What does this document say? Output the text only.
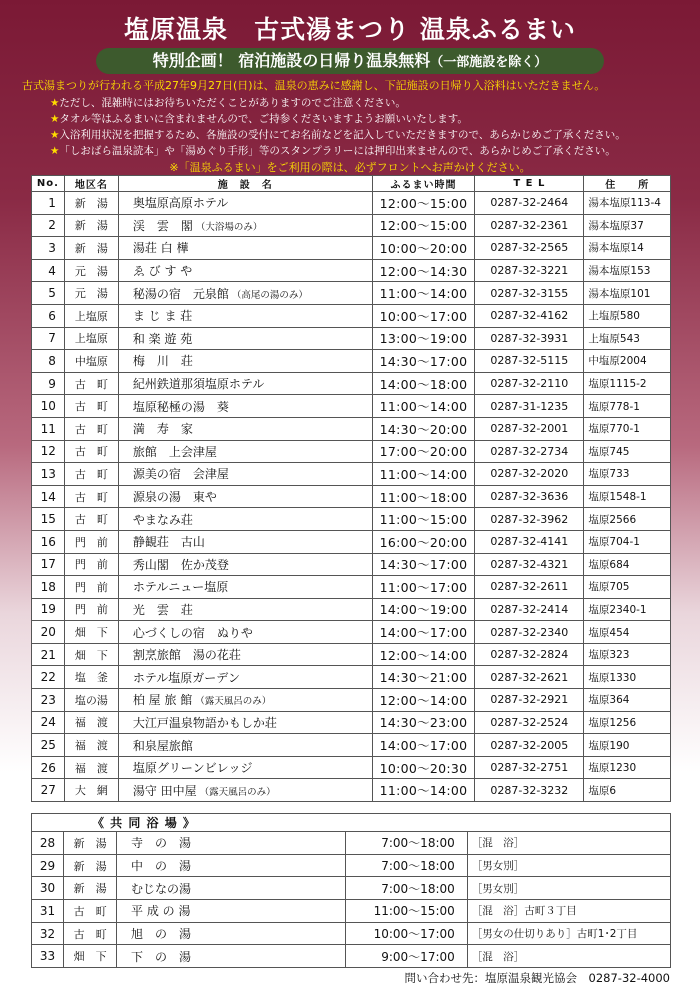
塩原温泉　古式湯まつり 温泉ふるまい
特別企画！ 宿泊施設の日帰り温泉無料（一部施設を除く）
古式湯まつりが行われる平成27年9月27日(日)は、温泉の恵みに感謝し、下記施設の日帰り入浴料はいただきません。
★ただし、混雑時にはお待ちいただくことがありますのでご注意ください。
★タオル等はふるまいに含まれませんので、ご持参くださいますようお願いいたします。
★入浴利用状況を把握するため、各施設の受付にてお名前などを記入していただきますので、あらかじめご了承ください。
★「しおばら温泉読本」や「湯めぐり手形」等のスタンプラリーには押印出来ませんので、あらかじめご了承ください。
※「温泉ふるまい」をご利用の際は、必ずフロントへお声かけください。
No.	地区名	施　設　名	ふるまい時間	T E L	住　　所
1	新　湯	奥塩原高原ホテル	12:00〜15:00	0287-32-2464	湯本塩原113-4
2	新　湯	渓　雲　閣 （大浴場のみ）	12:00〜15:00	0287-32-2361	湯本塩原37
3	新　湯	湯荘 白 樺	10:00〜20:00	0287-32-2565	湯本塩原14
4	元　湯	ゑ び す や	12:00〜14:30	0287-32-3221	湯本塩原153
5	元　湯	秘湯の宿　元泉館 （高尾の湯のみ）	11:00〜14:00	0287-32-3155	湯本塩原101
6	上塩原	ま じ ま 荘	10:00〜17:00	0287-32-4162	上塩原580
7	上塩原	和 楽 遊 苑	13:00〜19:00	0287-32-3931	上塩原543
8	中塩原	梅　川　荘	14:30〜17:00	0287-32-5115	中塩原2004
9	古　町	紀州鉄道那須塩原ホテル	14:00〜18:00	0287-32-2110	塩原1115-2
10	古　町	塩原秘極の湯　葵	11:00〜14:00	0287-31-1235	塩原778-1
11	古　町	満　寿　家	14:30〜20:00	0287-32-2001	塩原770-1
12	古　町	旅館　上会津屋	17:00〜20:00	0287-32-2734	塩原745
13	古　町	源美の宿　会津屋	11:00〜14:00	0287-32-2020	塩原733
14	古　町	源泉の湯　東や	11:00〜18:00	0287-32-3636	塩原1548-1
15	古　町	やまなみ荘	11:00〜15:00	0287-32-3962	塩原2566
16	門　前	静観荘　古山	16:00〜20:00	0287-32-4141	塩原704-1
17	門　前	秀山閣　佐か茂登	14:30〜17:00	0287-32-4321	塩原684
18	門　前	ホテルニュー塩原	11:00〜17:00	0287-32-2611	塩原705
19	門　前	光　雲　荘	14:00〜19:00	0287-32-2414	塩原2340-1
20	畑　下	心づくしの宿　ぬりや	14:00〜17:00	0287-32-2340	塩原454
21	畑　下	割烹旅館　湯の花荘	12:00〜14:00	0287-32-2824	塩原323
22	塩　釜	ホテル塩原ガーデン	14:30〜21:00	0287-32-2621	塩原1330
23	塩の湯	柏 屋 旅 館 （露天風呂のみ）	12:00〜14:00	0287-32-2921	塩原364
24	福　渡	大江戸温泉物語かもしか荘	14:30〜23:00	0287-32-2524	塩原1256
25	福　渡	和泉屋旅館	14:00〜17:00	0287-32-2005	塩原190
26	福　渡	塩原グリーンビレッジ	10:00〜20:30	0287-32-2751	塩原1230
27	大　網	湯守 田中屋 （露天風呂のみ）	11:00〜14:00	0287-32-3232	塩原6
《 共 同 浴 場 》				
28	新　湯	寺　の　湯	7:00〜18:00	［混　浴］
29	新　湯	中　の　湯	7:00〜18:00	［男女別］
30	新　湯	むじなの湯	7:00〜18:00	［男女別］
31	古　町	平 成 の 湯	11:00〜15:00	［混　浴］古町３丁目
32	古　町	旭　の　湯	10:00〜17:00	［男女の仕切りあり］古町1･2丁目
33	畑　下	下　の　湯	9:00〜17:00	［混　浴］
問い合わせ先：塩原温泉観光協会　0287-32-4000
